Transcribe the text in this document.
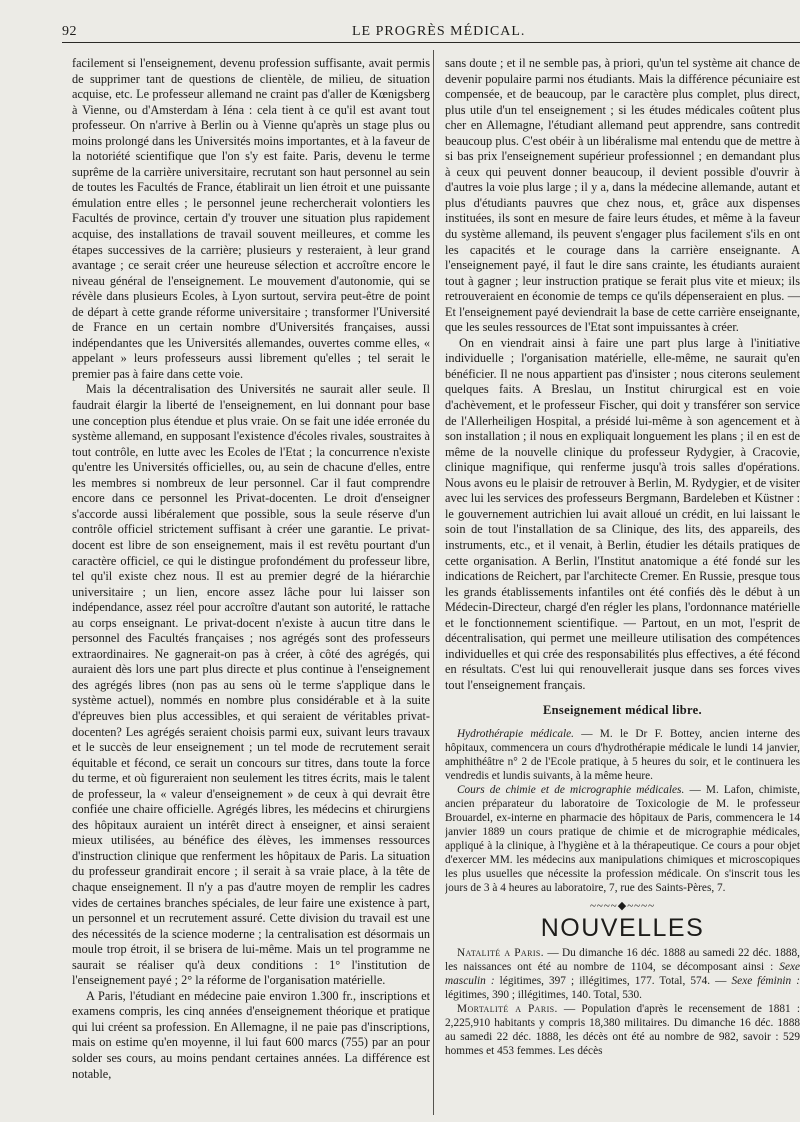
92	LE PROGRÈS MÉDICAL.

facilement si l'enseignement, devenu profession suffisante, avait permis de supprimer tant de questions de clientèle, de milieu, de situation acquise, etc. Le professeur allemand ne craint pas d'aller de Kœnigsberg à Vienne, ou d'Amsterdam à Iéna : cela tient à ce qu'il est avant tout professeur. On n'arrive à Berlin ou à Vienne qu'après un stage plus ou moins prolongé dans les Universités moins importantes, et à la faveur de la notoriété scientifique que l'on s'y est faite. Paris, devenu le terme suprême de la carrière universitaire, recrutant son haut personnel au sein de toutes les Facultés de France, établirait un lien étroit et une puissante émulation entre elles ; le personnel jeune rechercherait volontiers les Facultés de province, certain d'y trouver une situation plus rapidement acquise, des installations de travail souvent meilleures, et comme les étapes successives de la carrière; plusieurs y resteraient, à leur grand avantage ; ce serait créer une heureuse sélection et accroître encore le niveau général de l'enseignement. Le mouvement d'autonomie, qui se révèle dans plusieurs Ecoles, à Lyon surtout, servira peut-être de point de départ à cette grande réforme universitaire ; transformer l'Université de France en un certain nombre d'Universités françaises, aussi indépendantes que les Universités allemandes, ouvertes comme elles, « appelant » leurs professeurs aussi librement qu'elles ; tel serait le premier pas à faire dans cette voie.

Mais la décentralisation des Universités ne saurait aller seule. Il faudrait élargir la liberté de l'enseignement, en lui donnant pour base une conception plus étendue et plus vraie. On se fait une idée erronée du système allemand, en supposant l'existence d'écoles rivales, soustraites à tout contrôle, en lutte avec les Ecoles de l'Etat ; la concurrence n'existe qu'entre les Universités officielles, ou, au sein de chacune d'elles, entre les membres si nombreux de leur personnel. Car il faut comprendre encore dans ce personnel les Privat-docenten. Le droit d'enseigner s'accorde aussi libéralement que possible, sous la seule réserve d'un contrôle officiel strictement suffisant à créer une garantie. Le privat-docent est libre de son enseignement, mais il est revêtu pourtant d'un caractère officiel, ce qui le distingue profondément du professeur libre, tel qu'il existe chez nous. Il est au premier degré de la hiérarchie universitaire ; un lien, encore assez lâche pour lui laisser son indépendance, assez réel pour accroître d'autant son autorité, le rattache au corps enseignant. Le privat-docent n'existe à aucun titre dans le personnel des Facultés françaises ; nos agrégés sont des professeurs extraordinaires. Ne gagnerait-on pas à créer, à côté des agrégés, qui auraient dès lors une part plus directe et plus continue à l'enseignement des agrégés libres (non pas au sens où le terme s'applique dans le système actuel), nommés en nombre plus considérable et à la suite d'épreuves bien plus accessibles, et qui seraient de véritables privat-docenten? Les agrégés seraient choisis parmi eux, suivant leurs travaux et le succès de leur enseignement ; un tel mode de recrutement serait équitable et fécond, ce serait un concours sur titres, dans toute la force du terme, et où figureraient non seulement les titres écrits, mais le talent de professeur, la « valeur d'enseignement » de ceux à qui devrait être confiée une chaire officielle. Agrégés libres, les médecins et chirurgiens des hôpitaux auraient un intérêt direct à enseigner, et ainsi seraient mieux utilisées, au bénéfice des élèves, les immenses ressources d'instruction clinique que renferment les hôpitaux de Paris. La situation du professeur grandirait encore ; il serait à sa vraie place, à la tête de chaque enseignement. Il n'y a pas d'autre moyen de remplir les cadres vides de certaines branches spéciales, de leur faire une existence à part, un personnel et un recrutement assuré. Cette division du travail est une des nécessités de la science moderne ; la centralisation est désormais un moule trop étroit, il se brisera de lui-même. Mais un tel programme ne saurait se réaliser qu'à deux conditions : 1° l'institution de l'enseignement payé ; 2° la réforme de l'organisation matérielle.

A Paris, l'étudiant en médecine paie environ 1.300 fr., inscriptions et examens compris, les cinq années d'enseignement théorique et pratique qui lui créent sa profession. En Allemagne, il ne paie pas d'inscriptions, mais on estime qu'en moyenne, il lui faut 600 marcs (755) par an pour solder ses cours, au moins pendant certaines années. La différence est notable,

sans doute ; et il ne semble pas, à priori, qu'un tel système ait chance de devenir populaire parmi nos étudiants. Mais la différence pécuniaire est compensée, et de beaucoup, par le caractère plus complet, plus direct, plus utile d'un tel enseignement ; si les études médicales coûtent plus cher en Allemagne, l'étudiant allemand peut apprendre, sans contredit beaucoup plus. C'est obéir à un libéralisme mal entendu que de mettre à si bas prix l'enseignement supérieur professionnel ; en demandant plus à ceux qui peuvent donner beaucoup, il devient possible d'ouvrir à d'autres la voie plus large ; il y a, dans la médecine allemande, autant et plus d'étudiants pauvres que chez nous, et, grâce aux dispenses instituées, ils sont en mesure de faire leurs études, et même à la faveur du système allemand, ils peuvent s'engager plus facilement s'ils en ont les capacités et le courage dans la carrière enseignante. A l'enseignement payé, il faut le dire sans crainte, les étudiants auraient tout à gagner ; leur instruction pratique se ferait plus vite et mieux; ils retrouveraient en économie de temps ce qu'ils dépenseraient en plus. — Et l'enseignement payé deviendrait la base de cette carrière enseignante, que les seules ressources de l'Etat sont impuissantes à créer.

On en viendrait ainsi à faire une part plus large à l'initiative individuelle ; l'organisation matérielle, elle-même, ne saurait qu'en bénéficier. Il ne nous appartient pas d'insister ; nous citerons seulement quelques faits. A Breslau, un Institut chirurgical est en voie d'achèvement, et le professeur Fischer, qui doit y transférer son service de l'Allerheiligen Hospital, a présidé lui-même à son agencement et à son installation ; il nous en expliquait longuement les plans ; il en est de même de la nouvelle clinique du professeur Rydygier, à Cracovie, clinique magnifique, qui renferme jusqu'à trois salles d'opérations. Nous avons eu le plaisir de retrouver à Berlin, M. Rydygier, et de visiter avec lui les services des professeurs Bergmann, Bardeleben et Küstner : le gouvernement autrichien lui avait alloué un crédit, en lui laissant le soin de tout l'installation de sa Clinique, des lits, des appareils, des instruments, etc., et il venait, à Berlin, étudier les détails pratiques de cette organisation. A Berlin, l'Institut anatomique a été fondé sur les indications de Reichert, par l'architecte Cremer. En Russie, presque tous les grands établissements infantiles ont été confiés dès le début à un Médecin-Directeur, chargé d'en régler les plans, l'ordonnance matérielle et le fonctionnement scientifique. — Partout, en un mot, l'esprit de décentralisation, qui permet une meilleure utilisation des compétences individuelles et qui crée des responsabilités plus effectives, a été fécond en résultats. C'est lui qui renouvellerait jusque dans ses forces vives tout l'enseignement français.

Enseignement médical libre.

Hydrothérapie médicale. — M. le Dr F. Bottey, ancien interne des hôpitaux, commencera un cours d'hydrothérapie médicale le lundi 14 janvier, amphithéâtre n° 2 de l'Ecole pratique, à 5 heures du soir, et le continuera les vendredis et lundis suivants, à la même heure.

Cours de chimie et de micrographie médicales. — M. Lafon, chimiste, ancien préparateur du laboratoire de Toxicologie de M. le professeur Brouardel, ex-interne en pharmacie des hôpitaux de Paris, commencera le 14 janvier 1889 un cours pratique de chimie et de micrographie médicales, appliqué à la clinique, à l'hygiène et à la thérapeutique. Ce cours a pour objet d'exercer MM. les médecins aux manipulations chimiques et microscopiques les plus usuelles que nécessite la profession médicale. On s'inscrit tous les jours de 3 à 4 heures au laboratoire, 7, rue des Saints-Pères, 7.

~~~~◆~~~~
NOUVELLES

Natalité a Paris. — Du dimanche 16 déc. 1888 au samedi 22 déc. 1888, les naissances ont été au nombre de 1104, se décomposant ainsi : Sexe masculin : légitimes, 397 ; illégitimes, 177. Total, 574. — Sexe féminin : légitimes, 390 ; illégitimes, 140. Total, 530.

Mortalité a Paris. — Population d'après le recensement de 1881 : 2,225,910 habitants y compris 18,380 militaires. Du dimanche 16 déc. 1888 au samedi 22 déc. 1888, les décès ont été au nombre de 982, savoir : 529 hommes et 453 femmes. Les décès
